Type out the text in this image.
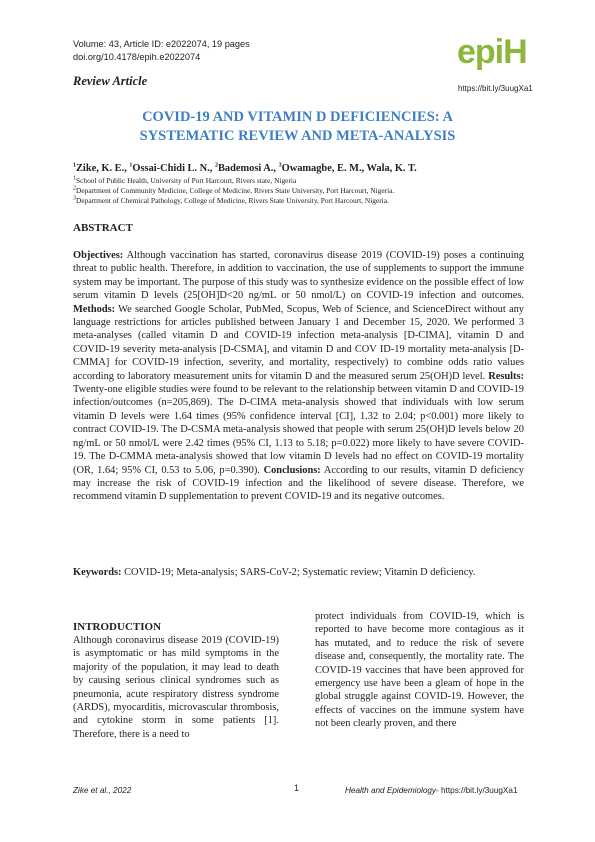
Volume: 43, Article ID: e2022074, 19 pages
doi.org/10.4178/epih.e2022074
Review Article
epiH
https://bit.ly/3uugXa1
COVID-19 AND VITAMIN D DEFICIENCIES: A
SYSTEMATIC REVIEW AND META-ANALYSIS
$^1$Zike, K. E., $^1$Ossai-Chidi L. N., $^2$Bademosi A., $^3$Owamagbe, E. M., Wala, K. T.
$^1$School of Public Health, University of Port Harcourt, Rivers state, Nigeria
$^2$Department of Community Medicine, College of Medicine, Rivers State University, Port Harcourt, Nigeria.
$^3$Department of Chemical Pathology, College of Medicine, Rivers State University, Port Harcourt, Nigeria.
ABSTRACT
Objectives: Although vaccination has started, coronavirus disease 2019 (COVID-19) poses a continuing threat to public health. Therefore, in addition to vaccination, the use of supplements to support the immune system may be important. The purpose of this study was to synthesize evidence on the possible effect of low serum vitamin D levels (25[OH]D<20 ng/mL or 50 nmol/L) on COVID-19 infection and outcomes. Methods: We searched Google Scholar, PubMed, Scopus, Web of Science, and ScienceDirect without any language restrictions for articles published between January 1 and December 15, 2020. We performed 3 meta-analyses (called vitamin D and COVID-19 infection meta-analysis [D-CIMA], vitamin D and COVID-19 severity meta-analysis [D-CSMA], and vitamin D and COV ID-19 mortality meta-analysis [D-CMMA] for COVID-19 infection, severity, and mortality, respectively) to combine odds ratio values according to laboratory measurement units for vitamin D and the measured serum 25(OH)D level. Results: Twenty-one eligible studies were found to be relevant to the relationship between vitamin D and COVID-19 infection/outcomes (n=205,869). The D-CIMA meta-analysis showed that individuals with low serum vitamin D levels were 1.64 times (95% confidence interval [CI], 1.32 to 2.04; p<0.001) more likely to contract COVID-19. The D-CSMA meta-analysis showed that people with serum 25(OH)D levels below 20 ng/mL or 50 nmol/L were 2.42 times (95% CI, 1.13 to 5.18; p=0.022) more likely to have severe COVID-19. The D-CMMA meta-analysis showed that low vitamin D levels had no effect on COVID-19 mortality (OR, 1.64; 95% CI, 0.53 to 5.06, p=0.390). Conclusions: According to our results, vitamin D deficiency may increase the risk of COVID-19 infection and the likelihood of severe disease. Therefore, we recommend vitamin D supplementation to prevent COVID-19 and its negative outcomes.
Keywords: COVID-19; Meta-analysis; SARS-CoV-2; Systematic review; Vitamin D deficiency.
INTRODUCTION
Although coronavirus disease 2019 (COVID-19) is asymptomatic or has mild symptoms in the majority of the population, it may lead to death by causing serious clinical syndromes such as pneumonia, acute respiratory distress syndrome (ARDS), myocarditis, microvascular thrombosis, and cytokine storm in some patients [1]. Therefore, there is a need to
protect individuals from COVID-19, which is reported to have become more contagious as it has mutated, and to reduce the risk of severe disease and, consequently, the mortality rate. The COVID-19 vaccines that have been approved for emergency use have been a gleam of hope in the global struggle against COVID-19. However, the effects of vaccines on the immune system have not been clearly proven, and there
Zike et al., 2022	1	Health and Epidemiology- https://bit.ly/3uugXa1
